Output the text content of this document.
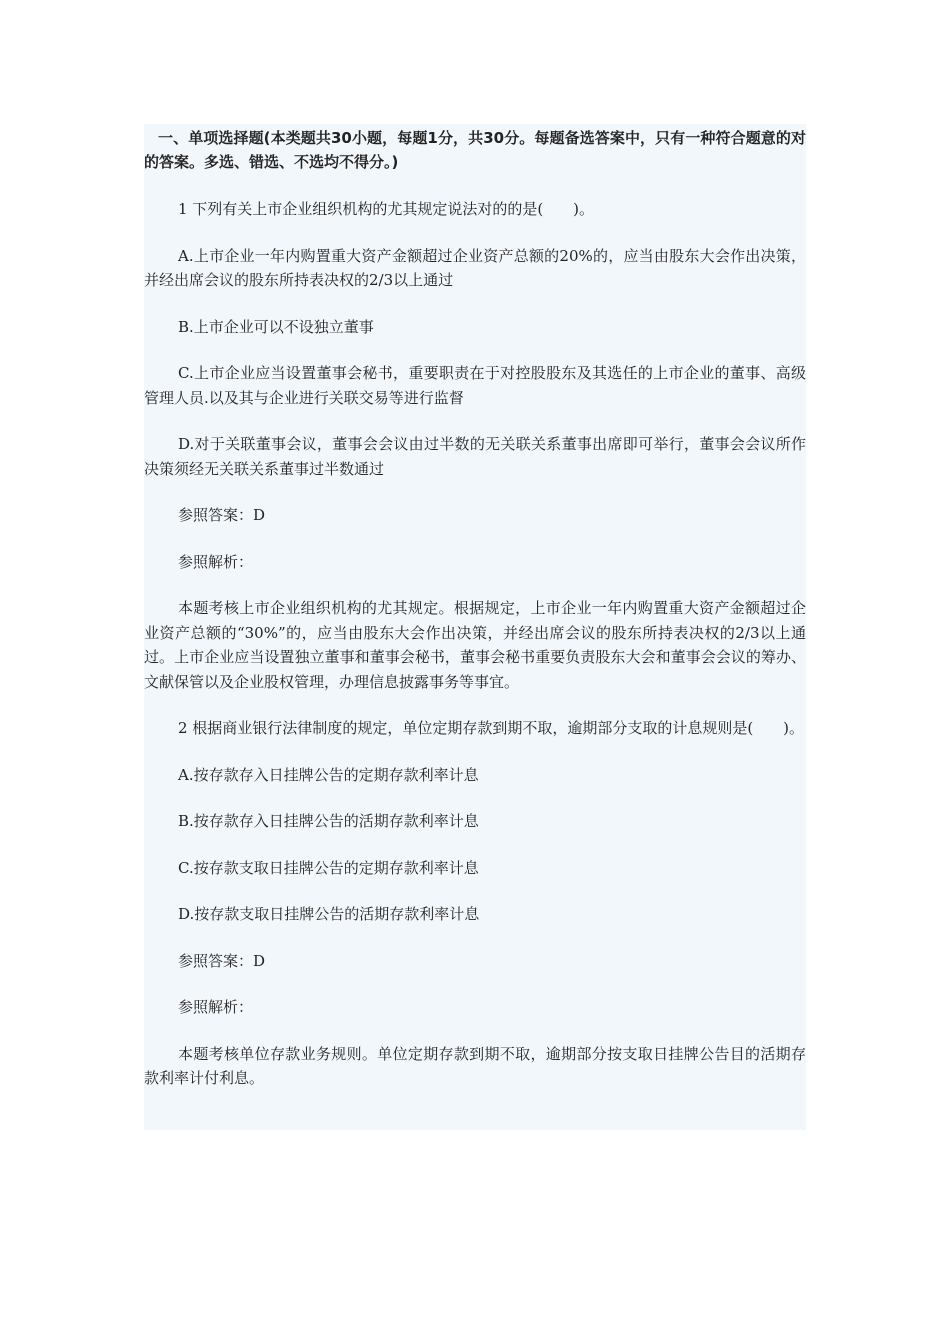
一、单项选择题(本类题共30小题，每题1分，共30分。每题备选答案中，只有一种符合题意的对的答案。多选、错选、不选均不得分。)

1 下列有关上市企业组织机构的尤其规定说法对的的是(　　)。

A.上市企业一年内购置重大资产金额超过企业资产总额的20%的，应当由股东大会作出决策，并经出席会议的股东所持表决权的2/3以上通过

B.上市企业可以不设独立董事

C.上市企业应当设置董事会秘书，重要职责在于对控股股东及其选任的上市企业的董事、高级管理人员.以及其与企业进行关联交易等进行监督

D.对于关联董事会议，董事会会议由过半数的无关联关系董事出席即可举行，董事会会议所作决策须经无关联关系董事过半数通过

参照答案：D

参照解析：

本题考核上市企业组织机构的尤其规定。根据规定，上市企业一年内购置重大资产金额超过企业资产总额的“30%”的，应当由股东大会作出决策，并经出席会议的股东所持表决权的2/3以上通过。上市企业应当设置独立董事和董事会秘书，董事会秘书重要负责股东大会和董事会会议的筹办、文献保管以及企业股权管理，办理信息披露事务等事宜。

2 根据商业银行法律制度的规定，单位定期存款到期不取，逾期部分支取的计息规则是(　　)。

A.按存款存入日挂牌公告的定期存款利率计息

B.按存款存入日挂牌公告的活期存款利率计息

C.按存款支取日挂牌公告的定期存款利率计息

D.按存款支取日挂牌公告的活期存款利率计息

参照答案：D

参照解析：

本题考核单位存款业务规则。单位定期存款到期不取，逾期部分按支取日挂牌公告目的活期存款利率计付利息。
